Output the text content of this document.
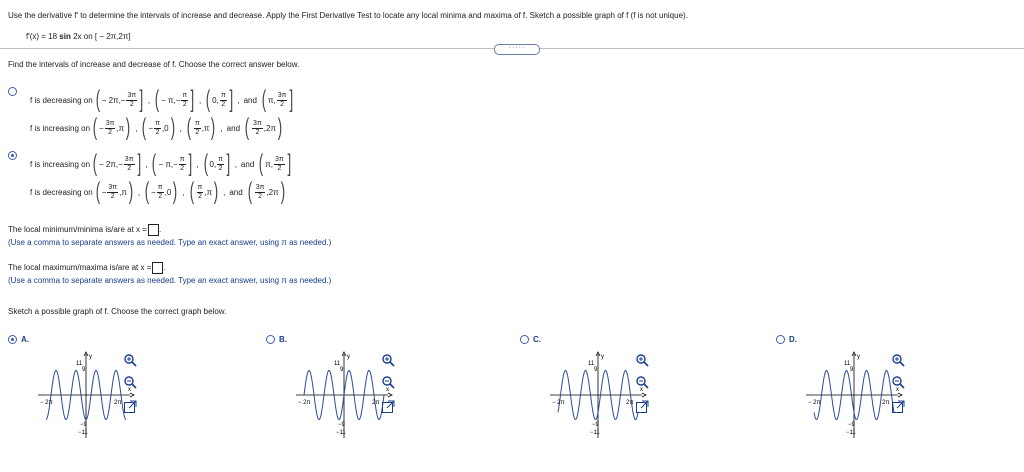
Use the derivative f′ to determine the intervals of increase and decrease. Apply the First Derivative Test to locate any local minima and maxima of f. Sketch a possible graph of f (f is not unique).
f′(x) = 18 sin 2x on [ − 2π,2π]
·····
Find the intervals of increase and decrease of f. Choose the correct answer below.
f is decreasing on ( − 2π, − $\frac{3\pi}{2}$ ] , ( − π, − $\frac{\pi}{2}$ ] , ( 0, $\frac{\pi}{2}$ ] , and ( π, $\frac{3\pi}{2}$ ]
f is increasing on ( − $\frac{3\pi}{2} ,\pi$ ) , ( − $\frac{\pi}{2} ,0$ ) , ( $\frac{\pi}{2} ,\pi$ ) , and ( $\frac{3\pi}{2} ,2\pi$ )
f is increasing on ( − 2π, − $\frac{3\pi}{2}$ ] , ( − π, − $\frac{\pi}{2}$ ] , ( 0, $\frac{\pi}{2}$ ] , and ( π, $\frac{3\pi}{2}$ ]
f is decreasing on ( − $\frac{3\pi}{2} ,\pi$ ) , ( − $\frac{\pi}{2} ,0$ ) , ( $\frac{\pi}{2} ,\pi$ ) , and ( $\frac{3\pi}{2} ,2\pi$ )
The local minimum/minima is/are at x = .
(Use a comma to separate answers as needed. Type an exact answer, using π as needed.)
The local maximum/maxima is/are at x = .
(Use a comma to separate answers as needed. Type an exact answer, using π as needed.)
Sketch a possible graph of f. Choose the correct graph below.
A.
11
9
−9
−11
− 2π	2π
x
y
B.
11
9
−9
−11
− 2π	2π
x
y
C.
11
9
−9
−11
− 2π	2π
x
y
D.
11
9
−9
−11
− 2π	2π
x
y
